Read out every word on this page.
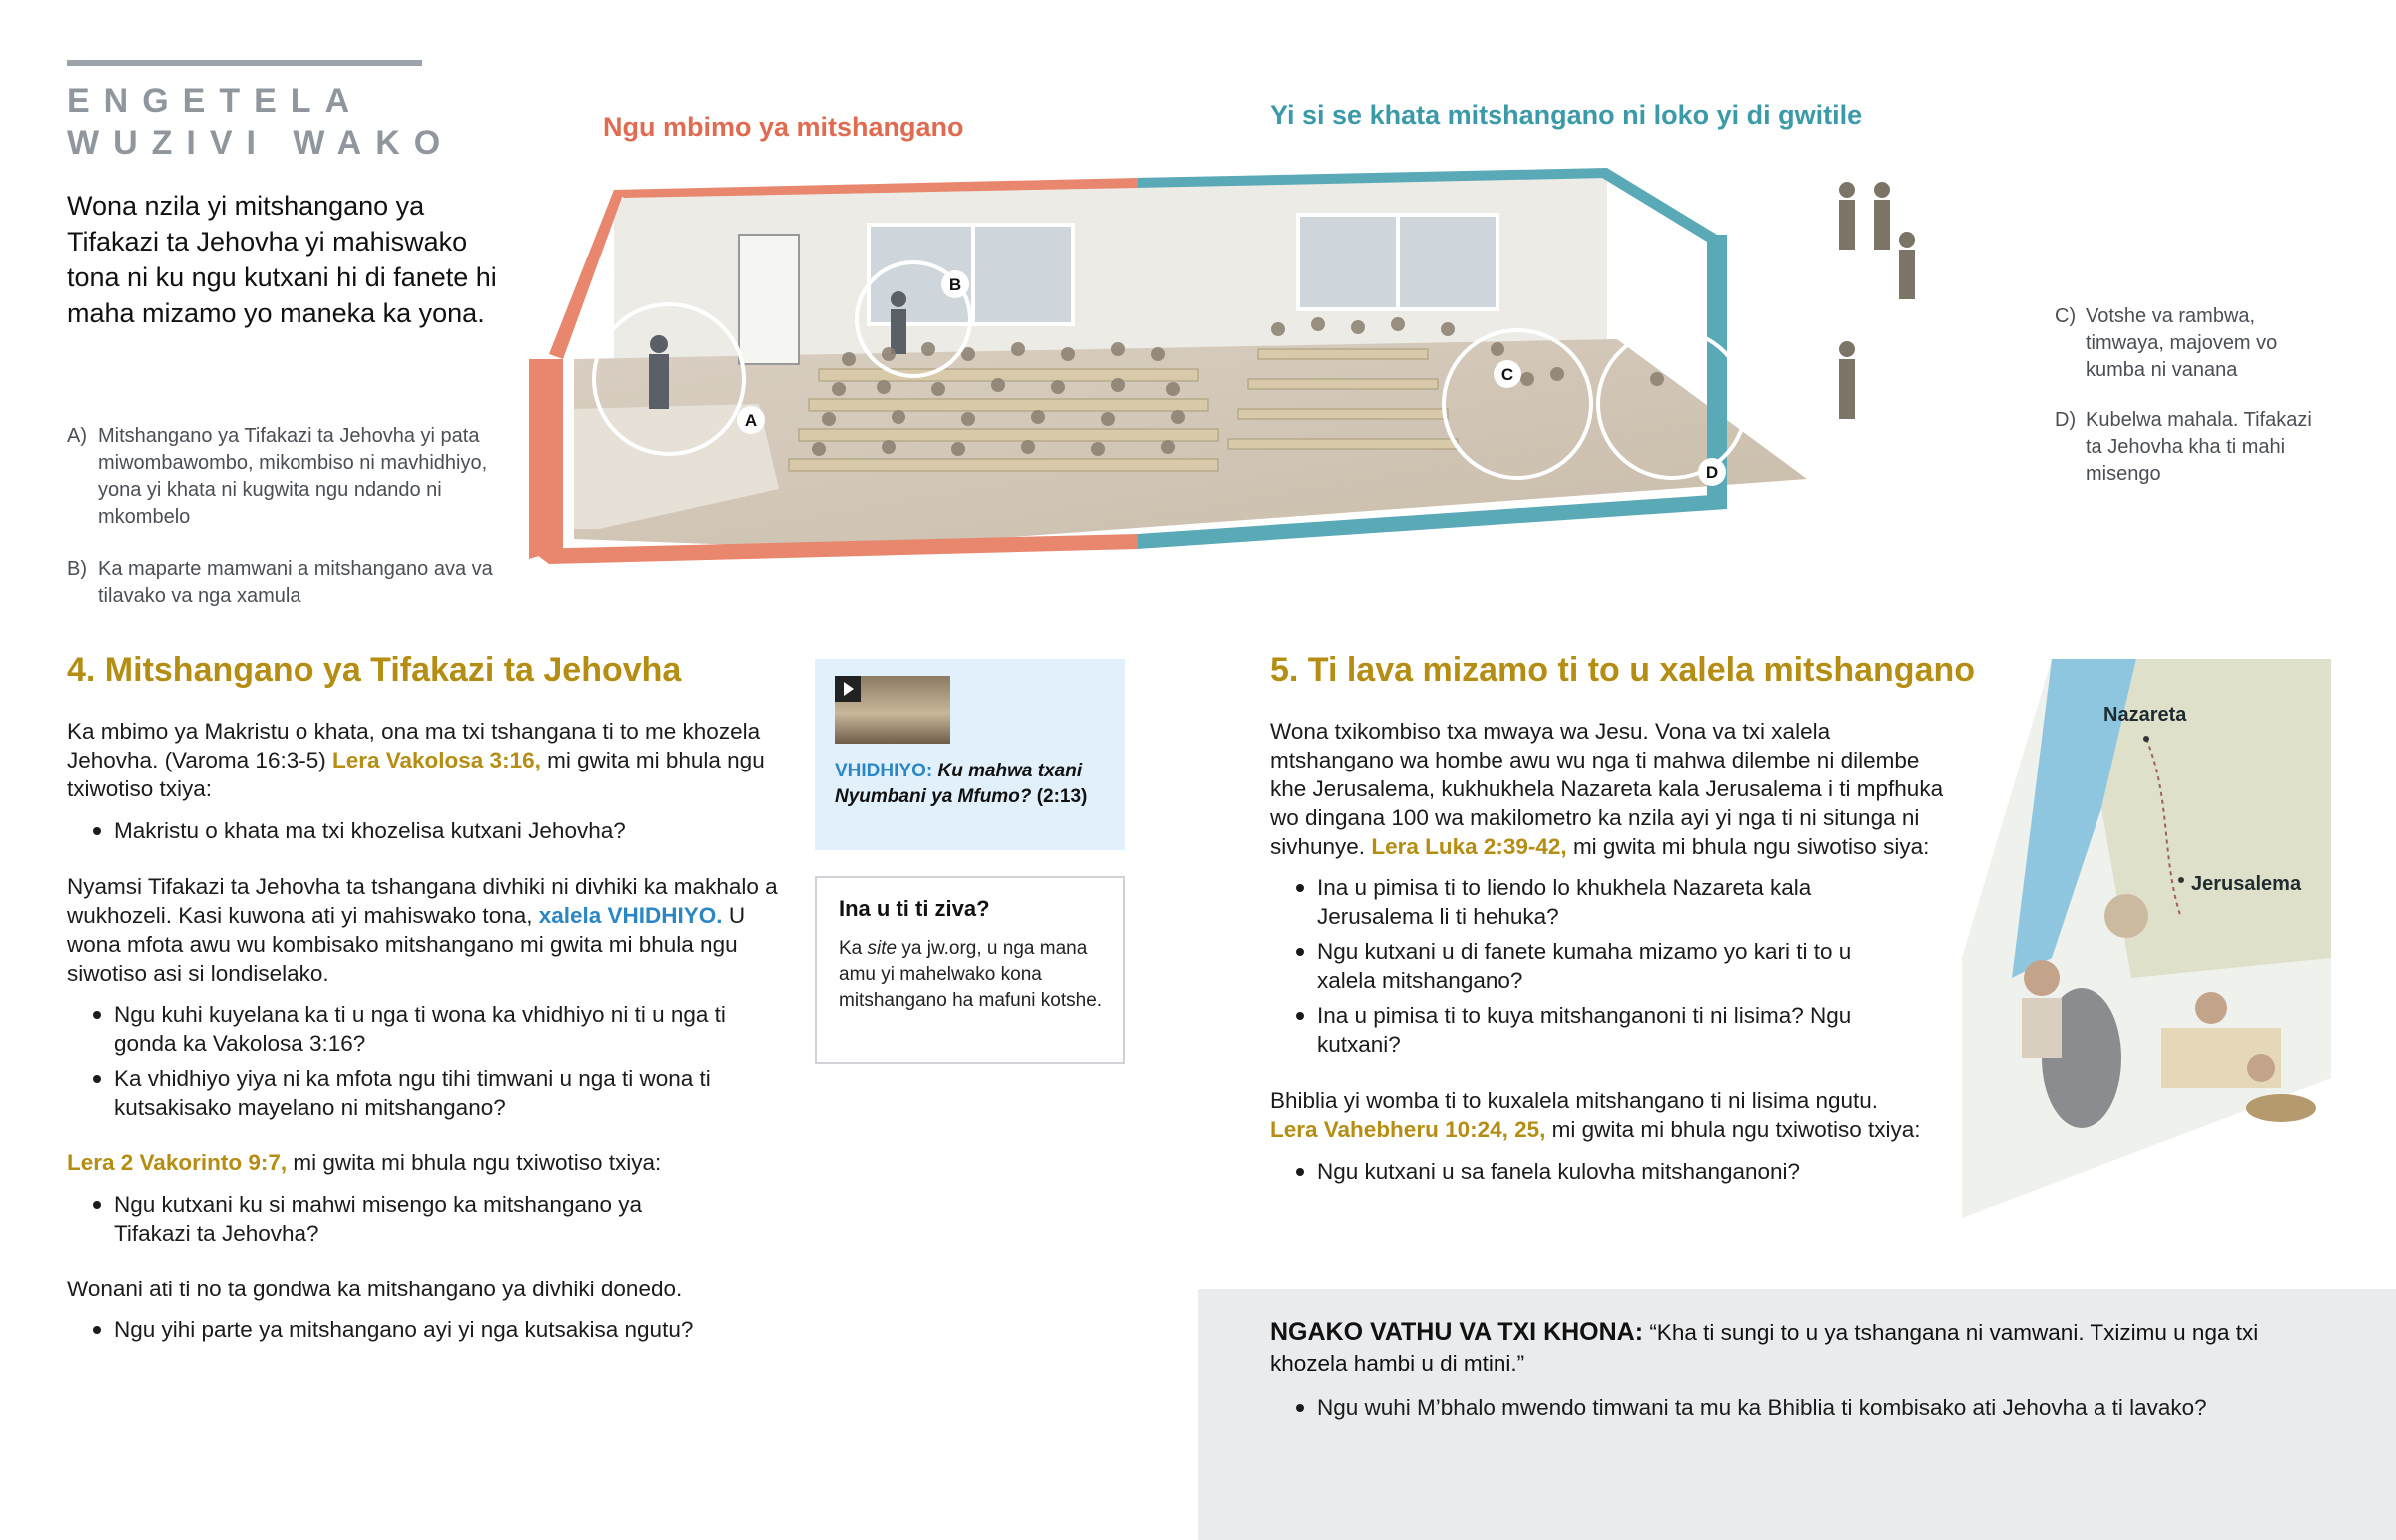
ENGETELA
WUZIVI WAKO
Wona nzila yi mitshangano ya Tifakazi ta Jehovha yi mahiswako tona ni ku ngu kutxani hi di fanete hi maha mizamo yo maneka ka yona.
A) Mitshangano ya Tifakazi ta Jehovha yi pata miwombawombo, mikombiso ni mavhidhiyo, yona yi khata ni kugwita ngu ndando ni mkombelo
B) Ka maparte mamwani a mitshangano ava va tilavako va nga xamula
C) Votshe va rambwa, timwaya, majovem vo kumba ni vanana
D) Kubelwa mahala. Tifakazi ta Jehovha kha ti mahi misengo
Ngu mbimo ya mitshangano	Yi si se khata mitshangano ni loko yi di gwitile
A
B
C
D
4. Mitshangano ya Tifakazi ta Jehovha
Ka mbimo ya Makristu o khata, ona ma txi tshangana ti to me khozela Jehovha. (Varoma 16:3-5) Lera Vakolosa 3:16, mi gwita mi bhula ngu txiwotiso txiya:
Makristu o khata ma txi khozelisa kutxani Jehovha?
Nyamsi Tifakazi ta Jehovha ta tshangana divhiki ni divhiki ka makhalo a wukhozeli. Kasi kuwona ati yi mahiswako tona, xalela VHIDHIYO. U wona mfota awu wu kombisako mitshangano mi gwita mi bhula ngu siwotiso asi si londiselako.
Ngu kuhi kuyelana ka ti u nga ti wona ka vhidhiyo ni ti u nga ti gonda ka Vakolosa 3:16?
Ka vhidhiyo yiya ni ka mfota ngu tihi timwani u nga ti wona ti kutsakisako mayelano ni mitshangano?
Lera 2 Vakorinto 9:7, mi gwita mi bhula ngu txiwotiso txiya:
Ngu kutxani ku si mahwi misengo ka mitshangano ya Tifakazi ta Jehovha?
Wonani ati ti no ta gondwa ka mitshangano ya divhiki donedo.
Ngu yihi parte ya mitshangano ayi yi nga kutsakisa ngutu?
VHIDHIYO: Ku mahwa txani Nyumbani ya Mfumo? (2:13)
Ina u ti ti ziva?
Ka site ya jw.org, u nga mana amu yi mahelwako kona mitshangano ha mafuni kotshe.
5. Ti lava mizamo ti to u xalela mitshangano
Wona txikombiso txa mwaya wa Jesu. Vona va txi xalela mtshangano wa hombe awu wu nga ti mahwa dilembe ni dilembe khe Jerusalema, kukhukhela Nazareta kala Jerusalema i ti mpfhuka wo dingana 100 wa makilometro ka nzila ayi yi nga ti ni situnga ni sivhunye. Lera Luka 2:39-42, mi gwita mi bhula ngu siwotiso siya:
Ina u pimisa ti to liendo lo khukhela Nazareta kala Jerusalema li ti hehuka?
Ngu kutxani u di fanete kumaha mizamo yo kari ti to u xalela mitshangano?
Ina u pimisa ti to kuya mitshanganoni ti ni lisima? Ngu kutxani?
Bhiblia yi womba ti to kuxalela mitshangano ti ni lisima ngutu.
Lera Vahebheru 10:24, 25, mi gwita mi bhula ngu txiwotiso txiya:
Ngu kutxani u sa fanela kulovha mitshanganoni?
Nazareta
Jerusalema
NGAKO VATHU VA TXI KHONA: “Kha ti sungi to u ya tshangana ni vamwani. Txizimu u nga txi khozela hambi u di mtini.”
Ngu wuhi M’bhalo mwendo timwani ta mu ka Bhiblia ti kombisako ati Jehovha a ti lavako?
